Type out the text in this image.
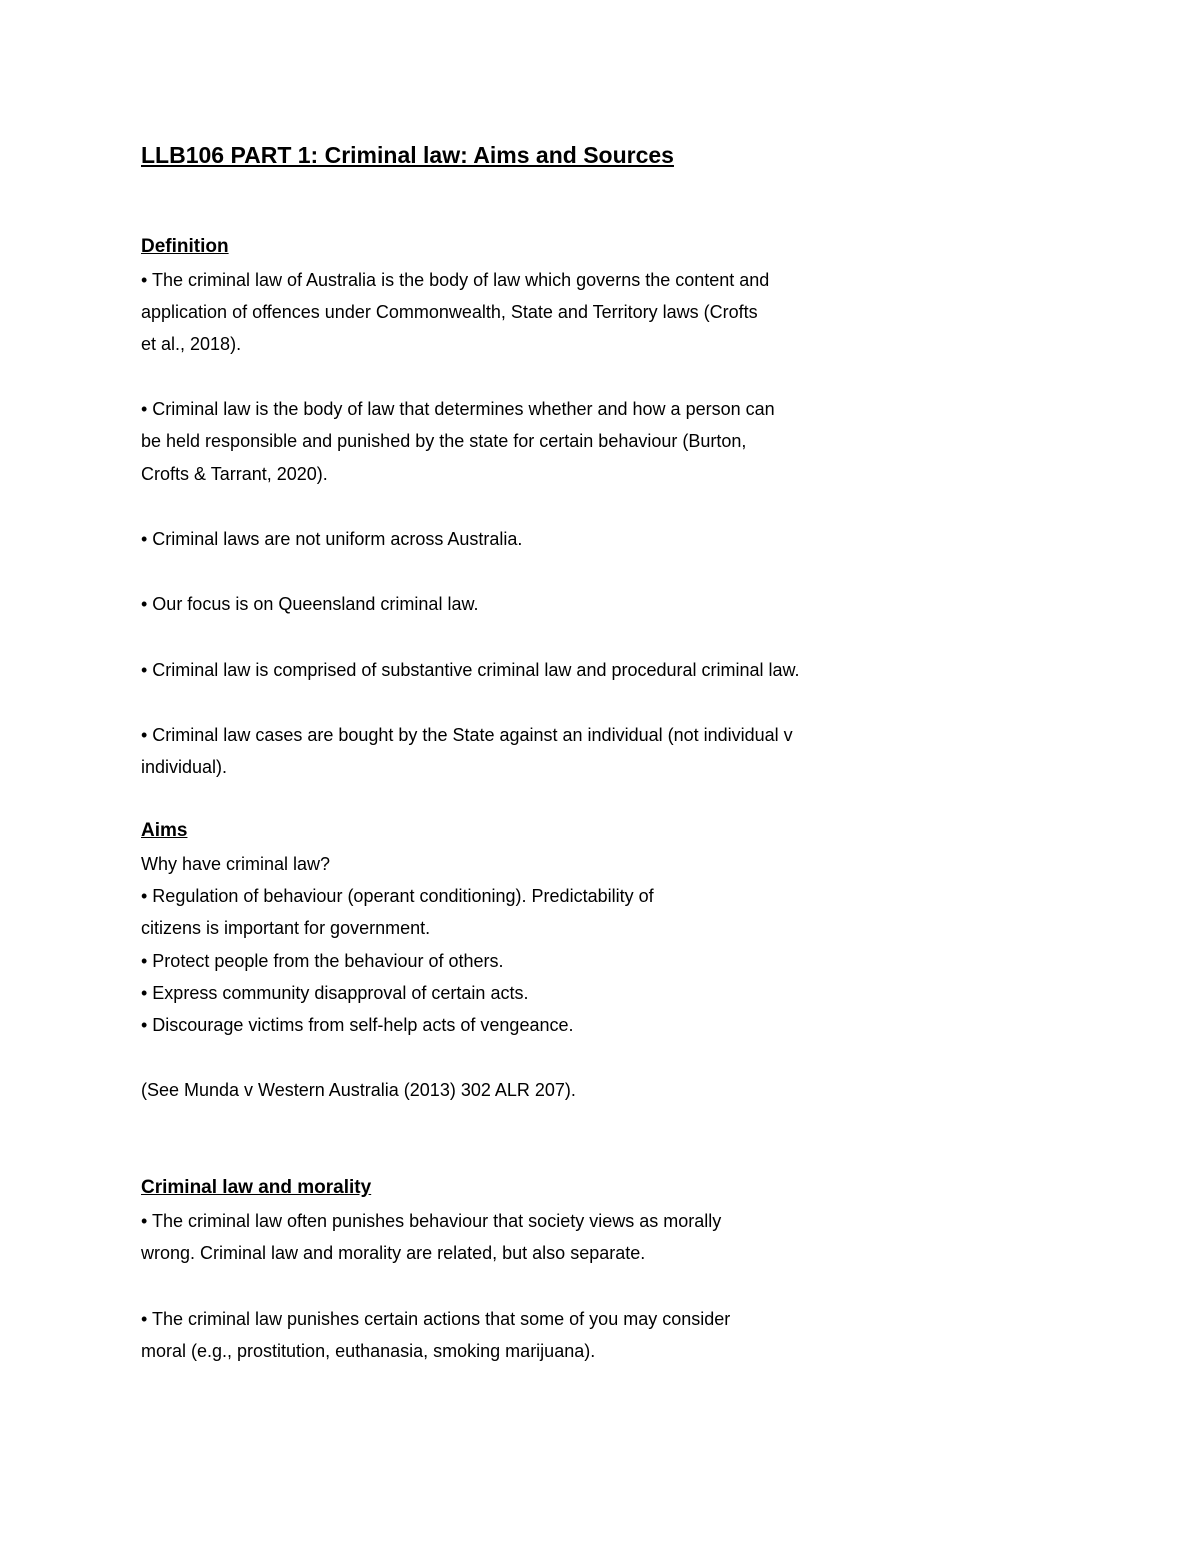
LLB106 PART 1: Criminal law: Aims and Sources
Definition

• The criminal law of Australia is the body of law which governs the content and

application of offences under Commonwealth, State and Territory laws (Crofts

et al., 2018).

• Criminal law is the body of law that determines whether and how a person can

be held responsible and punished by the state for certain behaviour (Burton,

Crofts & Tarrant, 2020).

• Criminal laws are not uniform across Australia.

• Our focus is on Queensland criminal law.

• Criminal law is comprised of substantive criminal law and procedural criminal law.

• Criminal law cases are bought by the State against an individual (not individual v

individual).

Aims

Why have criminal law?

• Regulation of behaviour (operant conditioning). Predictability of

citizens is important for government.

• Protect people from the behaviour of others.

• Express community disapproval of certain acts.

• Discourage victims from self-help acts of vengeance.

(See Munda v Western Australia (2013) 302 ALR 207).

Criminal law and morality

• The criminal law often punishes behaviour that society views as morally

wrong. Criminal law and morality are related, but also separate.

• The criminal law punishes certain actions that some of you may consider

moral (e.g., prostitution, euthanasia, smoking marijuana).
